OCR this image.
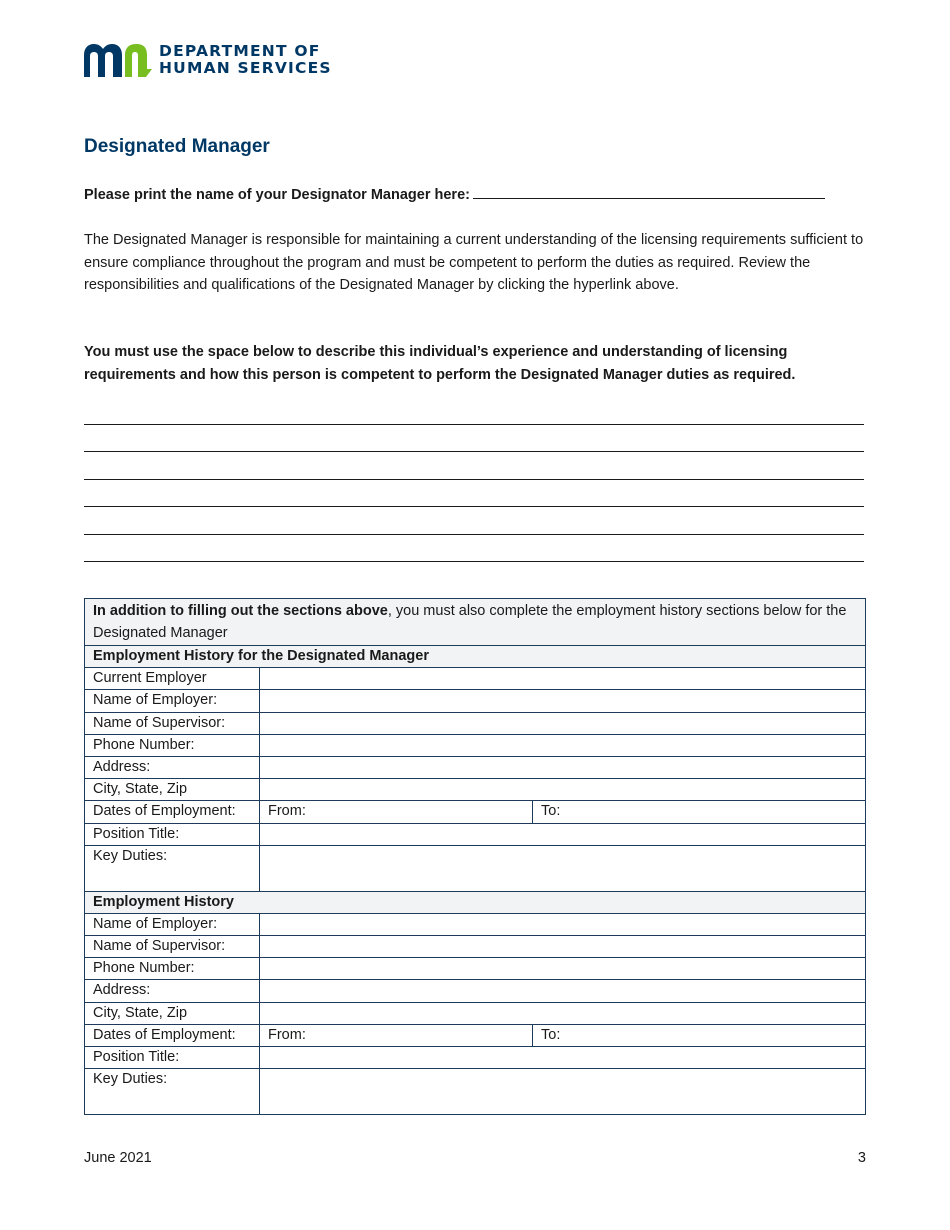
DEPARTMENT OF
HUMAN SERVICES
Designated Manager
Please print the name of your Designator Manager here:
The Designated Manager is responsible for maintaining a current understanding of the licensing requirements sufficient to ensure compliance throughout the program and must be competent to perform the duties as required. Review the responsibilities and qualifications of the Designated Manager by clicking the hyperlink above.
You must use the space below to describe this individual’s experience and understanding of licensing requirements and how this person is competent to perform the Designated Manager duties as required.
In addition to filling out the sections above, you must also complete the employment history sections below for the Designated Manager		
Employment History for the Designated Manager		
Current Employer		
Name of Employer:		
Name of Supervisor:		
Phone Number:		
Address:		
City, State, Zip		
Dates of Employment:	From:	To:
Position Title:		
Key Duties:		
Employment History		
Name of Employer:		
Name of Supervisor:		
Phone Number:		
Address:		
City, State, Zip		
Dates of Employment:	From:	To:
Position Title:		
Key Duties:		
June 2021	3
